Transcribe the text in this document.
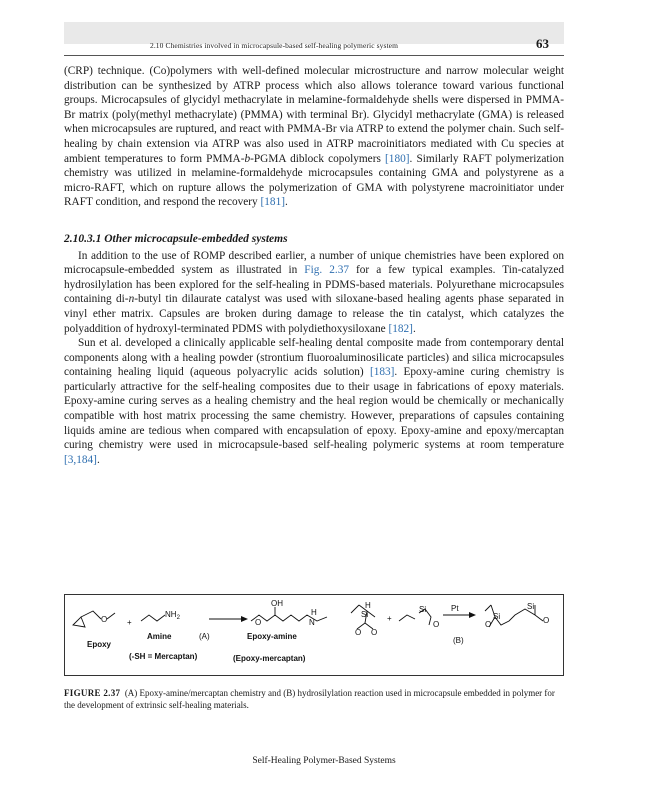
2.10 Chemistries involved in microcapsule-based self-healing polymeric system	63

(CRP) technique. (Co)polymers with well-defined molecular microstructure and narrow molecular weight distribution can be synthesized by ATRP process which also allows tolerance toward various functional groups. Microcapsules of glycidyl methacrylate in melamine-formaldehyde shells were dispersed in PMMA-Br matrix (poly(methyl methacrylate) (PMMA) with terminal Br). Glycidyl methacrylate (GMA) is released when microcapsules are ruptured, and react with PMMA-Br via ATRP to extend the polymer chain. Such self-healing by chain extension via ATRP was also used in ATRP macroinitiators mediated with Cu species at ambient temperatures to form PMMA-b-PGMA diblock copolymers [180]. Similarly RAFT polymerization chemistry was utilized in melamine-formaldehyde microcapsules containing GMA and polystyrene as a micro-RAFT, which on rupture allows the polymerization of GMA with polystyrene macroinitiator under RAFT condition, and respond the recovery [181].

2.10.3.1 Other microcapsule-embedded systems

In addition to the use of ROMP described earlier, a number of unique chemistries have been explored on microcapsule-embedded system as illustrated in Fig. 2.37 for a few typical examples. Tin-catalyzed hydrosilylation has been explored for the self-healing in PDMS-based materials. Polyurethane microcapsules containing di-n-butyl tin dilaurate catalyst was used with siloxane-based healing agents phase separated in vinyl ether matrix. Capsules are broken during damage to release the tin catalyst, which catalyzes the polyaddition of hydroxyl-terminated PDMS with polydiethoxysiloxane [182].

Sun et al. developed a clinically applicable self-healing dental composite made from contemporary dental components along with a healing powder (strontium fluoroaluminosilicate particles) and silica microcapsules containing healing liquid (aqueous polyacrylic acids solution) [183]. Epoxy-amine curing chemistry is particularly attractive for the self-healing composites due to their usage in fabrications of epoxy materials. Epoxy-amine curing serves as a healing chemistry and the heal region would be chemically or mechanically compatible with host matrix processing the same chemistry. However, preparations of capsules containing liquids amine are tedious when compared with encapsulation of epoxy. Epoxy-amine and epoxy/mercaptan curing chemistry were used in microcapsule-based self-healing polymeric systems at room temperature [3,184].

O +
$NH_2$
OH
O
H
N
H
Si
O O
+
Si
O
Pt
O
Si
Si
O
Epoxy
Amine	(A)	Epoxy-amine
(-SH = Mercaptan)	(Epoxy-mercaptan)
(B)
FIGURE 2.37 (A) Epoxy-amine/mercaptan chemistry and (B) hydrosilylation reaction used in microcapsule embedded in polymer for the development of extrinsic self-healing materials.
Self-Healing Polymer-Based Systems
